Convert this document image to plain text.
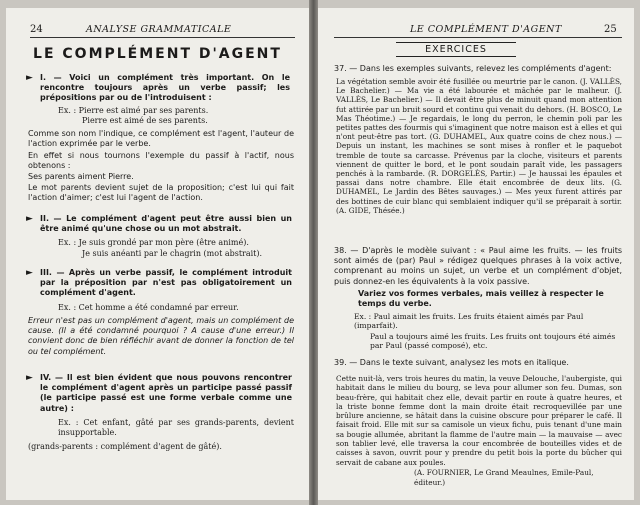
24	ANALYSE GRAMMATICALE
LE COMPLÉMENT D'AGENT
► I. — Voici un complément très important. On le rencontre toujours après un verbe passif; les prépositions par ou de l'introduisent :
Ex. : Pierre est aimé par ses parents.
Pierre est aimé de ses parents.
Comme son nom l'indique, ce complément est l'agent, l'auteur de l'action exprimée par le verbe.
En effet si nous tournons l'exemple du passif à l'actif, nous obtenons :
Ses parents aiment Pierre.
Le mot parents devient sujet de la proposition; c'est lui qui fait l'action d'aimer; c'est lui l'agent de l'action.
► II. — Le complément d'agent peut être aussi bien un être animé qu'une chose ou un mot abstrait.
Ex. : Je suis grondé par mon père (être animé).
Je suis anéanti par le chagrin (mot abstrait).
► III. — Après un verbe passif, le complément introduit par la préposition par n'est pas obligatoirement un complément d'agent.
Ex. : Cet homme a été condamné par erreur.
Erreur n'est pas un complément d'agent, mais un complément de cause. (Il a été condamné pourquoi ? A cause d'une erreur.) Il convient donc de bien réfléchir avant de donner la fonction de tel ou tel complément.
► IV. — Il est bien évident que nous pouvons rencontrer le complément d'agent après un participe passé passif (le participe passé est une forme verbale comme une autre) :
Ex. : Cet enfant, gâté par ses grands-parents, devient insupportable.
(grands-parents : complément d'agent de gâté).
LE COMPLÉMENT D'AGENT	25
EXERCICES
37. — Dans les exemples suivants, relevez les compléments d'agent:
La végétation semble avoir été fusillée ou meurtrie par le canon. (J. VALLÈS, Le Bachelier.) — Ma vie a été labourée et mâchée par le malheur. (J. VALLÈS, Le Bachelier.) — Il devait être plus de minuit quand mon attention fut attirée par un bruit sourd et continu qui venait du dehors. (H. BOSCO, Le Mas Théotime.) — Je regardais, le long du perron, le chemin poli par les petites pattes des fourmis qui s'imaginent que notre maison est à elles et qui n'ont peut-être pas tort. (G. DUHAMEL, Aux quatre coins de chez nous.) — Depuis un instant, les machines se sont mises à ronfler et le paquebot tremble de toute sa carcasse. Prévenus par la cloche, visiteurs et parents viennent de quitter le bord, et le pont soudain paraît vide, les passagers penchés à la rambarde. (R. DORGELÈS, Partir.) — Je haussai les épaules et passai dans notre chambre. Elle était encombrée de deux lits. (G. DUHAMEL, Le Jardin des Bêtes sauvages.) — Mes yeux furent attirés par des bottines de cuir blanc qui semblaient indiquer qu'il se préparait à sortir. (A. GIDE, Thésée.)
38. — D'après le modèle suivant : « Paul aime les fruits. — les fruits sont aimés de (par) Paul » rédigez quelques phrases à la voix active, comprenant au moins un sujet, un verbe et un complément d'objet, puis donnez-en les équivalents à la voix passive.
Variez vos formes verbales, mais veillez à respecter le temps du verbe.
Ex. : Paul aimait les fruits. Les fruits étaient aimés par Paul (imparfait).
Paul a toujours aimé les fruits. Les fruits ont toujours été aimés par Paul (passé composé), etc.
39. — Dans le texte suivant, analysez les mots en italique.
Cette nuit-là, vers trois heures du matin, la veuve Delouche, l'aubergiste, qui habitait dans le milieu du bourg, se leva pour allumer son feu. Dumas, son beau-frère, qui habitait chez elle, devait partir en route à quatre heures, et la triste bonne femme dont la main droite était recroquevillée par une brûlure ancienne, se hâtait dans la cuisine obscure pour préparer le café. Il faisait froid. Elle mit sur sa camisole un vieux fichu, puis tenant d'une main sa bougie allumée, abritant la flamme de l'autre main — la mauvaise — avec son tablier levé, elle traversa la cour encombrée de bouteilles vides et de caisses à savon, ouvrit pour y prendre du petit bois la porte du bûcher qui servait de cabane aux poules.
(A. FOURNIER, Le Grand Meaulnes, Emile-Paul, éditeur.)
